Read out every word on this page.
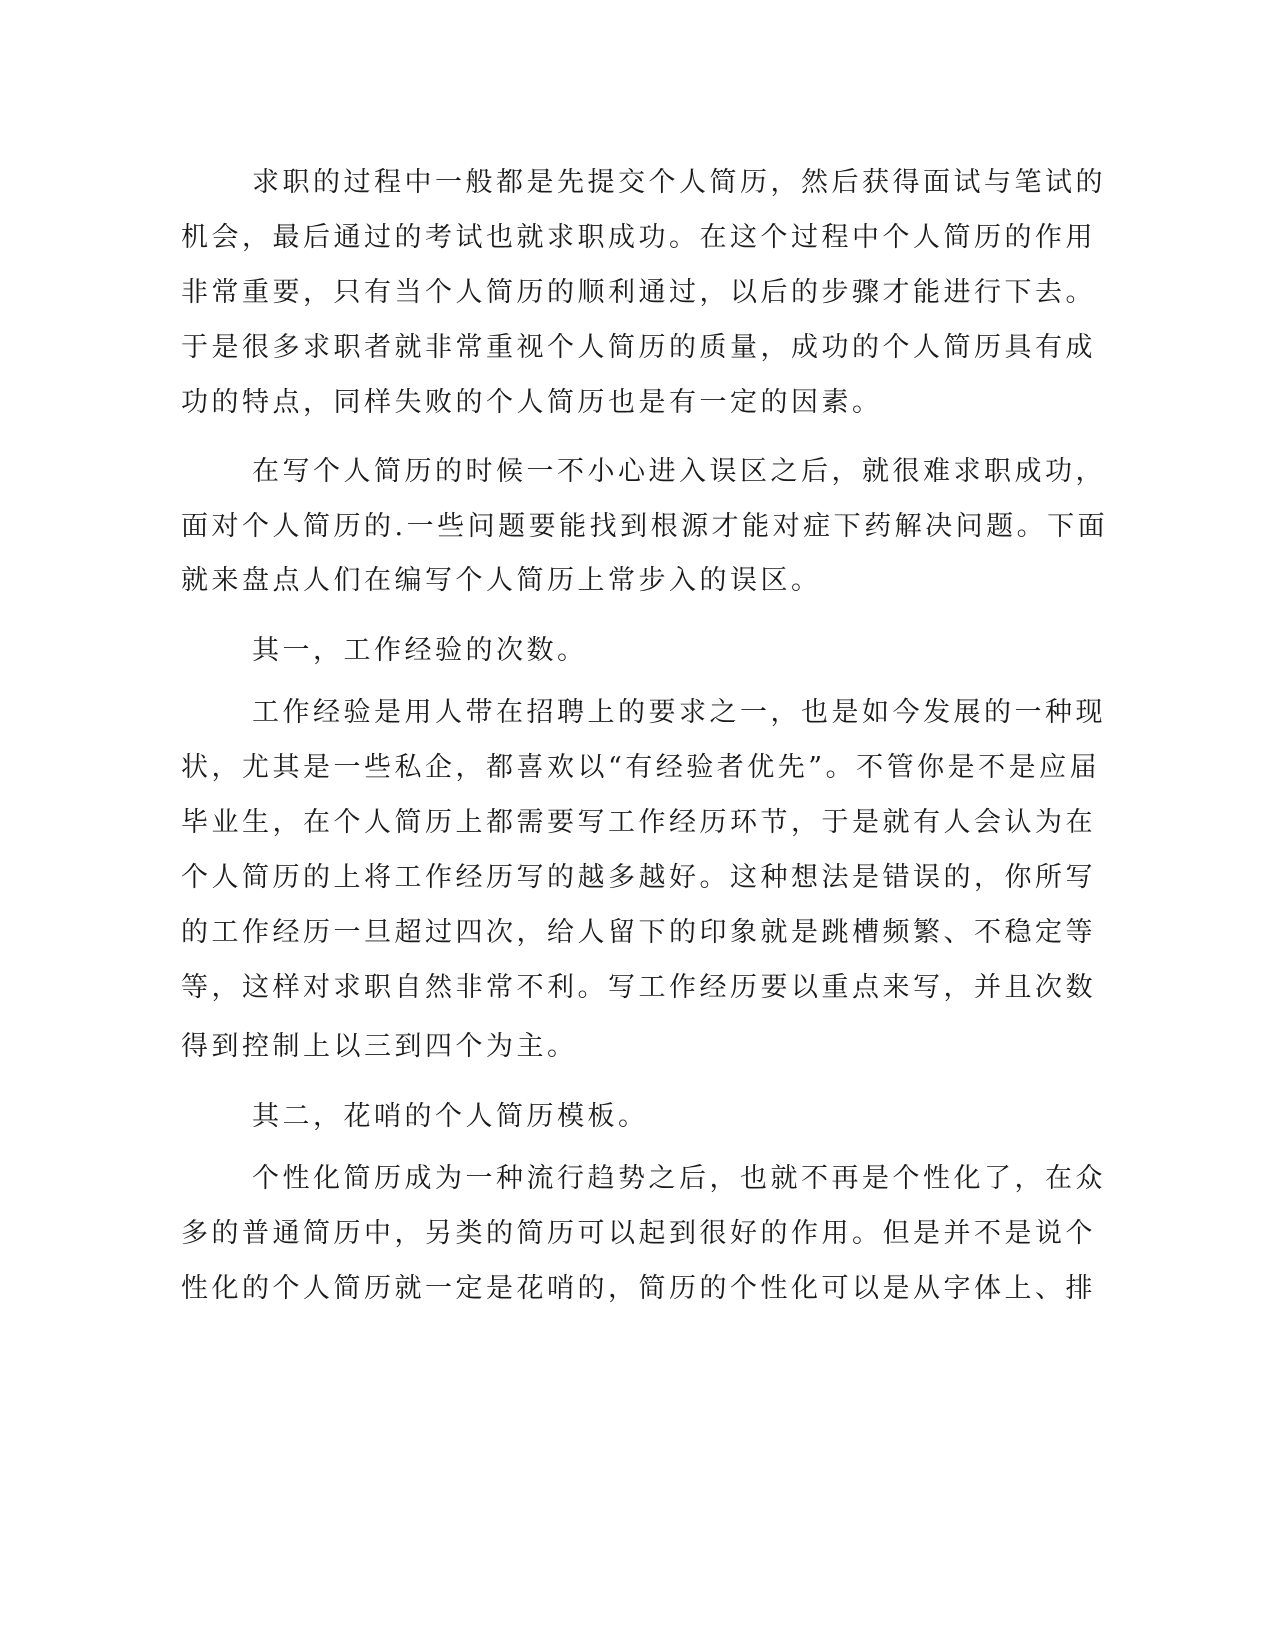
求职的过程中一般都是先提交个人简历，然后获得面试与笔试的

机会，最后通过的考试也就求职成功。在这个过程中个人简历的作用

非常重要，只有当个人简历的顺利通过，以后的步骤才能进行下去。

于是很多求职者就非常重视个人简历的质量，成功的个人简历具有成

功的特点，同样失败的个人简历也是有一定的因素。

在写个人简历的时候一不小心进入误区之后，就很难求职成功，

面对个人简历的.一些问题要能找到根源才能对症下药解决问题。下面

就来盘点人们在编写个人简历上常步入的误区。

其一，工作经验的次数。

工作经验是用人带在招聘上的要求之一，也是如今发展的一种现

状，尤其是一些私企，都喜欢以“有经验者优先”。不管你是不是应届

毕业生，在个人简历上都需要写工作经历环节，于是就有人会认为在

个人简历的上将工作经历写的越多越好。这种想法是错误的，你所写

的工作经历一旦超过四次，给人留下的印象就是跳槽频繁、不稳定等

等，这样对求职自然非常不利。写工作经历要以重点来写，并且次数

得到控制上以三到四个为主。

其二，花哨的个人简历模板。

个性化简历成为一种流行趋势之后，也就不再是个性化了，在众

多的普通简历中，另类的简历可以起到很好的作用。但是并不是说个

性化的个人简历就一定是花哨的，简历的个性化可以是从字体上、排
